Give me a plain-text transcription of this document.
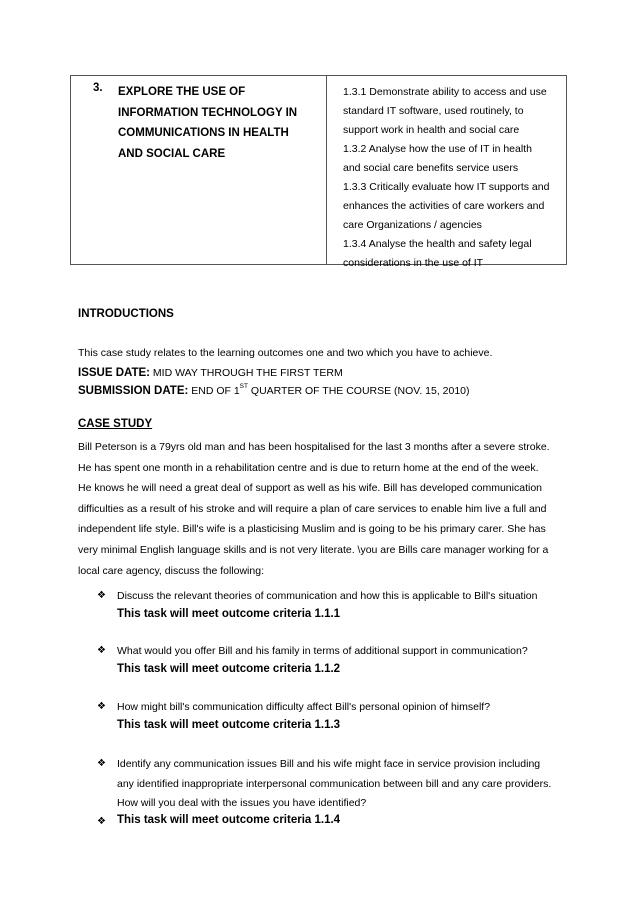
3. EXPLORE THE USE OF
INFORMATION TECHNOLOGY IN
COMMUNICATIONS IN HEALTH
AND SOCIAL CARE
1.3.1 Demonstrate ability to access and use
standard IT software, used routinely, to
support work in health and social care
1.3.2 Analyse how the use of IT in health
and social care benefits service users
1.3.3 Critically evaluate how IT supports and
enhances the activities of care workers and
care Organizations / agencies
1.3.4 Analyse the health and safety legal
considerations in the use of IT
INTRODUCTIONS
This case study relates to the learning outcomes one and two which you have to achieve.
ISSUE DATE: MID WAY THROUGH THE FIRST TERM
SUBMISSION DATE: END OF 1ST QUARTER OF THE COURSE (NOV. 15, 2010)
CASE STUDY
Bill Peterson is a 79yrs old man and has been hospitalised for the last 3 months after a severe stroke.
He has spent one month in a rehabilitation centre and is due to return home at the end of the week.
He knows he will need a great deal of support as well as his wife. Bill has developed communication
difficulties as a result of his stroke and will require a plan of care services to enable him live a full and
independent life style. Bill's wife is a plasticising Muslim and is going to be his primary carer. She has
very minimal English language skills and is not very literate. \you are Bills care manager working for a
local care agency, discuss the following:
❖ Discuss the relevant theories of communication and how this is applicable to Bill's situation
This task will meet outcome criteria 1.1.1
❖ What would you offer Bill and his family in terms of additional support in communication?
This task will meet outcome criteria 1.1.2
❖ How might bill's communication difficulty affect Bill's personal opinion of himself?
This task will meet outcome criteria 1.1.3
❖ Identify any communication issues Bill and his wife might face in service provision including
any identified inappropriate interpersonal communication between bill and any care providers.
How will you deal with the issues you have identified?
❖ This task will meet outcome criteria 1.1.4
